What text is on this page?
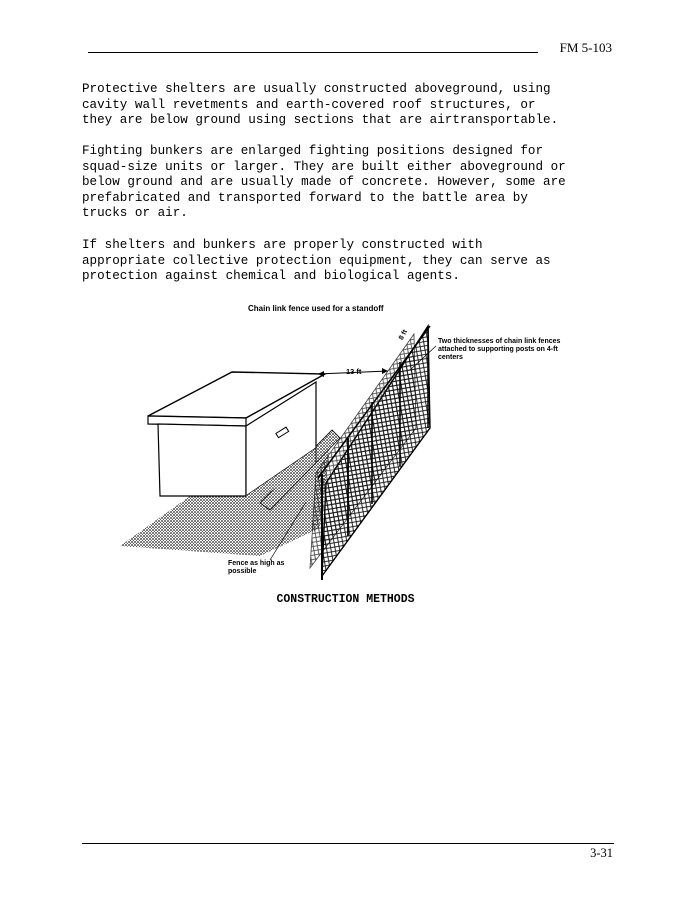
FM 5-103
Protective shelters are usually constructed aboveground, using
cavity wall revetments and earth-covered roof structures, or
they are below ground using sections that are airtransportable.
Fighting bunkers are enlarged fighting positions designed for
squad-size units or larger. They are built either aboveground or
below ground and are usually made of concrete. However, some are
prefabricated and transported forward to the battle area by
trucks or air.
If shelters and bunkers are properly constructed with
appropriate collective protection equipment, they can serve as
protection against chemical and biological agents.
Chain link fence used for a standoff
13 ft
8 ft
Two thicknesses of chain link fences attached to supporting posts on 4-ft centers
Fence as high as possible
CONSTRUCTION METHODS
3-31
